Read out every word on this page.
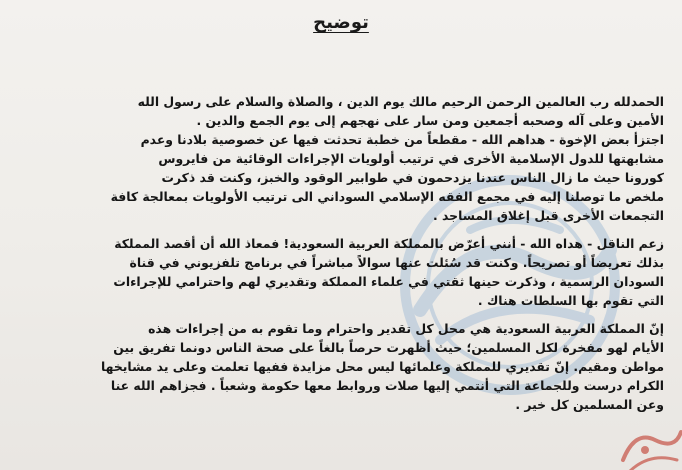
توضيح
الحمدلله رب العالمين الرحمن الرحيم مالك يوم الدين ، والصلاة والسلام على رسول الله
الأمين وعلى آله وصحبه أجمعين ومن سار على نهجهم إلى يوم الجمع والدين .
اجتزأ بعض الإخوة - هداهم الله - مقطعاً من خطبة تحدثت فيها عن خصوصية بلادنا وعدم
مشابهتها للدول الإسلامية الأخرى في ترتيب أولويات الإجراءات الوقائية من فايروس
كورونا حيث ما زال الناس عندنا يزدحمون في طوابير الوقود والخبز، وكنت قد ذكرت
ملخص ما توصلنا إليه في مجمع الفقه الإسلامي السوداني الى ترتيب الأولويات بمعالجة كافة
التجمعات الأخرى قبل إغلاق المساجد .
زعم الناقل - هداه الله - أنني أعرّض بالمملكة العربية السعودية! فمعاذ الله أن أقصد المملكة
بذلك تعريضاً أو تصريحاً. وكنت قد سُئلت عنها سوالاً مباشراً في برنامج تلفزيوني في قناة
السودان الرسمية ، وذكرت حينها ثقتي في علماء المملكة وتقديري لهم واحترامي للإجراءات
التي تقوم بها السلطات هناك .
إنّ المملكة العربية السعودية هي محل كل تقدير واحترام وما تقوم به من إجراءات هذه
الأيام لهو مفخرة لكل المسلمين؛ حيث أظهرت حرصاً بالغاً على صحة الناس دونما تفريق بين
مواطن ومقيم. إنّ تقديري للمملكة وعلمائها ليس محل مزايدة ففيها تعلمت وعلى يد مشايخها
الكرام درست وللجماعة التي أنتمي إليها صلات وروابط معها حكومة وشعباً . فجزاهم الله عنا
وعن المسلمين كل خير .
